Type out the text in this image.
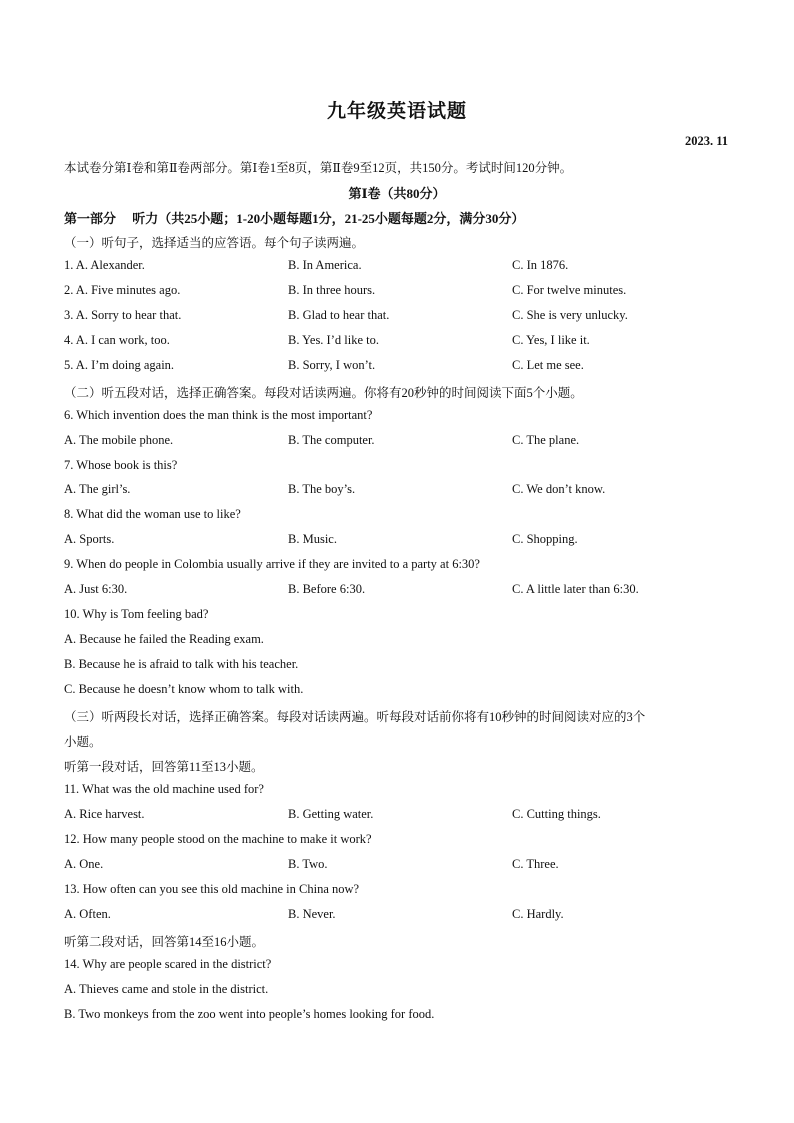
九年级英语试题
2023. 11
本试卷分第Ⅰ卷和第Ⅱ卷两部分。第Ⅰ卷1至8页，第Ⅱ卷9至12页，共150分。考试时间120分钟。
第Ⅰ卷（共80分）
第一部分　 听力（共25小题；1-20小题每题1分，21-25小题每题2分，满分30分）
（一）听句子，选择适当的应答语。每个句子读两遍。
1. A. Alexander.	B. In America.	C. In 1876.
2. A. Five minutes ago.	B. In three hours.	C. For twelve minutes.
3. A. Sorry to hear that.	B. Glad to hear that.	C. She is very unlucky.
4. A. I can work, too.	B. Yes. I’d like to.	C. Yes, I like it.
5. A. I’m doing again.	B. Sorry, I won’t.	C. Let me see.
（二）听五段对话，选择正确答案。每段对话读两遍。你将有20秒钟的时间阅读下面5个小题。
6. Which invention does the man think is the most important?
A. The mobile phone.	B. The computer.	C. The plane.
7. Whose book is this?
A. The girl’s.	B. The boy’s.	C. We don’t know.
8. What did the woman use to like?
A. Sports.	B. Music.	C. Shopping.
9. When do people in Colombia usually arrive if they are invited to a party at 6:30?
A. Just 6:30.	B. Before 6:30.	C. A little later than 6:30.
10. Why is Tom feeling bad?
A. Because he failed the Reading exam.
B. Because he is afraid to talk with his teacher.
C. Because he doesn’t know whom to talk with.
（三）听两段长对话，选择正确答案。每段对话读两遍。听每段对话前你将有10秒钟的时间阅读对应的3个
小题。
听第一段对话，回答第11至13小题。
11. What was the old machine used for?
A. Rice harvest.	B. Getting water.	C. Cutting things.
12. How many people stood on the machine to make it work?
A. One.	B. Two.	C. Three.
13. How often can you see this old machine in China now?
A. Often.	B. Never.	C. Hardly.
听第二段对话，回答第14至16小题。
14. Why are people scared in the district?
A. Thieves came and stole in the district.
B. Two monkeys from the zoo went into people’s homes looking for food.
